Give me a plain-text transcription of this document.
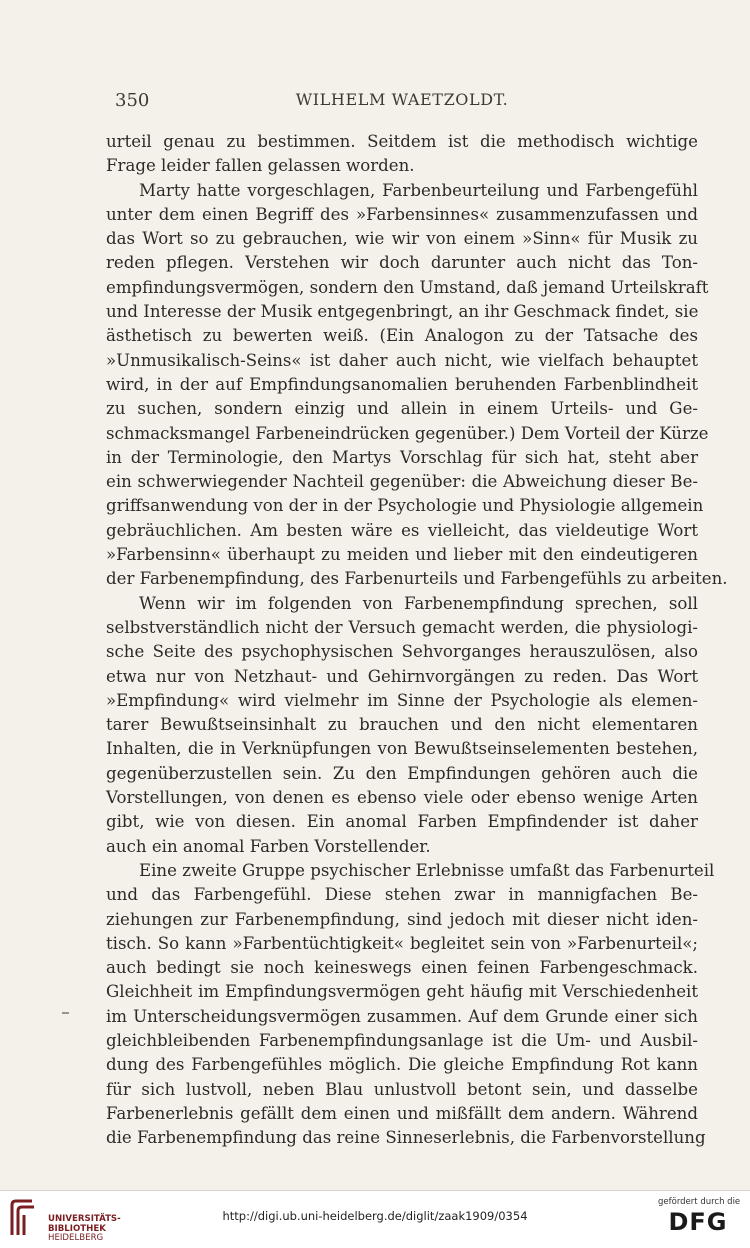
350	WILHELM WAETZOLDT.
urteil genau zu bestimmen. Seitdem ist die methodisch wichtige
Frage leider fallen gelassen worden.
Marty hatte vorgeschlagen, Farbenbeurteilung und Farbengefühl
unter dem einen Begriff des »Farbensinnes« zusammenzufassen und
das Wort so zu gebrauchen, wie wir von einem »Sinn« für Musik zu
reden pflegen. Verstehen wir doch darunter auch nicht das Ton-
empfindungsvermögen, sondern den Umstand, daß jemand Urteilskraft
und Interesse der Musik entgegenbringt, an ihr Geschmack findet, sie
ästhetisch zu bewerten weiß. (Ein Analogon zu der Tatsache des
»Unmusikalisch-Seins« ist daher auch nicht, wie vielfach behauptet
wird, in der auf Empfindungsanomalien beruhenden Farbenblindheit
zu suchen, sondern einzig und allein in einem Urteils- und Ge-
schmacksmangel Farbeneindrücken gegenüber.) Dem Vorteil der Kürze
in der Terminologie, den Martys Vorschlag für sich hat, steht aber
ein schwerwiegender Nachteil gegenüber: die Abweichung dieser Be-
griffsanwendung von der in der Psychologie und Physiologie allgemein
gebräuchlichen. Am besten wäre es vielleicht, das vieldeutige Wort
»Farbensinn« überhaupt zu meiden und lieber mit den eindeutigeren
der Farbenempfindung, des Farbenurteils und Farbengefühls zu arbeiten.
Wenn wir im folgenden von Farbenempfindung sprechen, soll
selbstverständlich nicht der Versuch gemacht werden, die physiologi-
sche Seite des psychophysischen Sehvorganges herauszulösen, also
etwa nur von Netzhaut- und Gehirnvorgängen zu reden. Das Wort
»Empfindung« wird vielmehr im Sinne der Psychologie als elemen-
tarer Bewußtseinsinhalt zu brauchen und den nicht elementaren
Inhalten, die in Verknüpfungen von Bewußtseinselementen bestehen,
gegenüberzustellen sein. Zu den Empfindungen gehören auch die
Vorstellungen, von denen es ebenso viele oder ebenso wenige Arten
gibt, wie von diesen. Ein anomal Farben Empfindender ist daher
auch ein anomal Farben Vorstellender.
Eine zweite Gruppe psychischer Erlebnisse umfaßt das Farbenurteil
und das Farbengefühl. Diese stehen zwar in mannigfachen Be-
ziehungen zur Farbenempfindung, sind jedoch mit dieser nicht iden-
tisch. So kann »Farbentüchtigkeit« begleitet sein von »Farbenurteil«;
auch bedingt sie noch keineswegs einen feinen Farbengeschmack.
Gleichheit im Empfindungsvermögen geht häufig mit Verschiedenheit
im Unterscheidungsvermögen zusammen. Auf dem Grunde einer sich
gleichbleibenden Farbenempfindungsanlage ist die Um- und Ausbil-
dung des Farbengefühles möglich. Die gleiche Empfindung Rot kann
für sich lustvoll, neben Blau unlustvoll betont sein, und dasselbe
Farbenerlebnis gefällt dem einen und mißfällt dem andern. Während
die Farbenempfindung das reine Sinneserlebnis, die Farbenvorstellung
UNIVERSITÄTS-
BIBLIOTHEK
HEIDELBERG
http://digi.ub.uni-heidelberg.de/diglit/zaak1909/0354
gefördert durch die
DFG
